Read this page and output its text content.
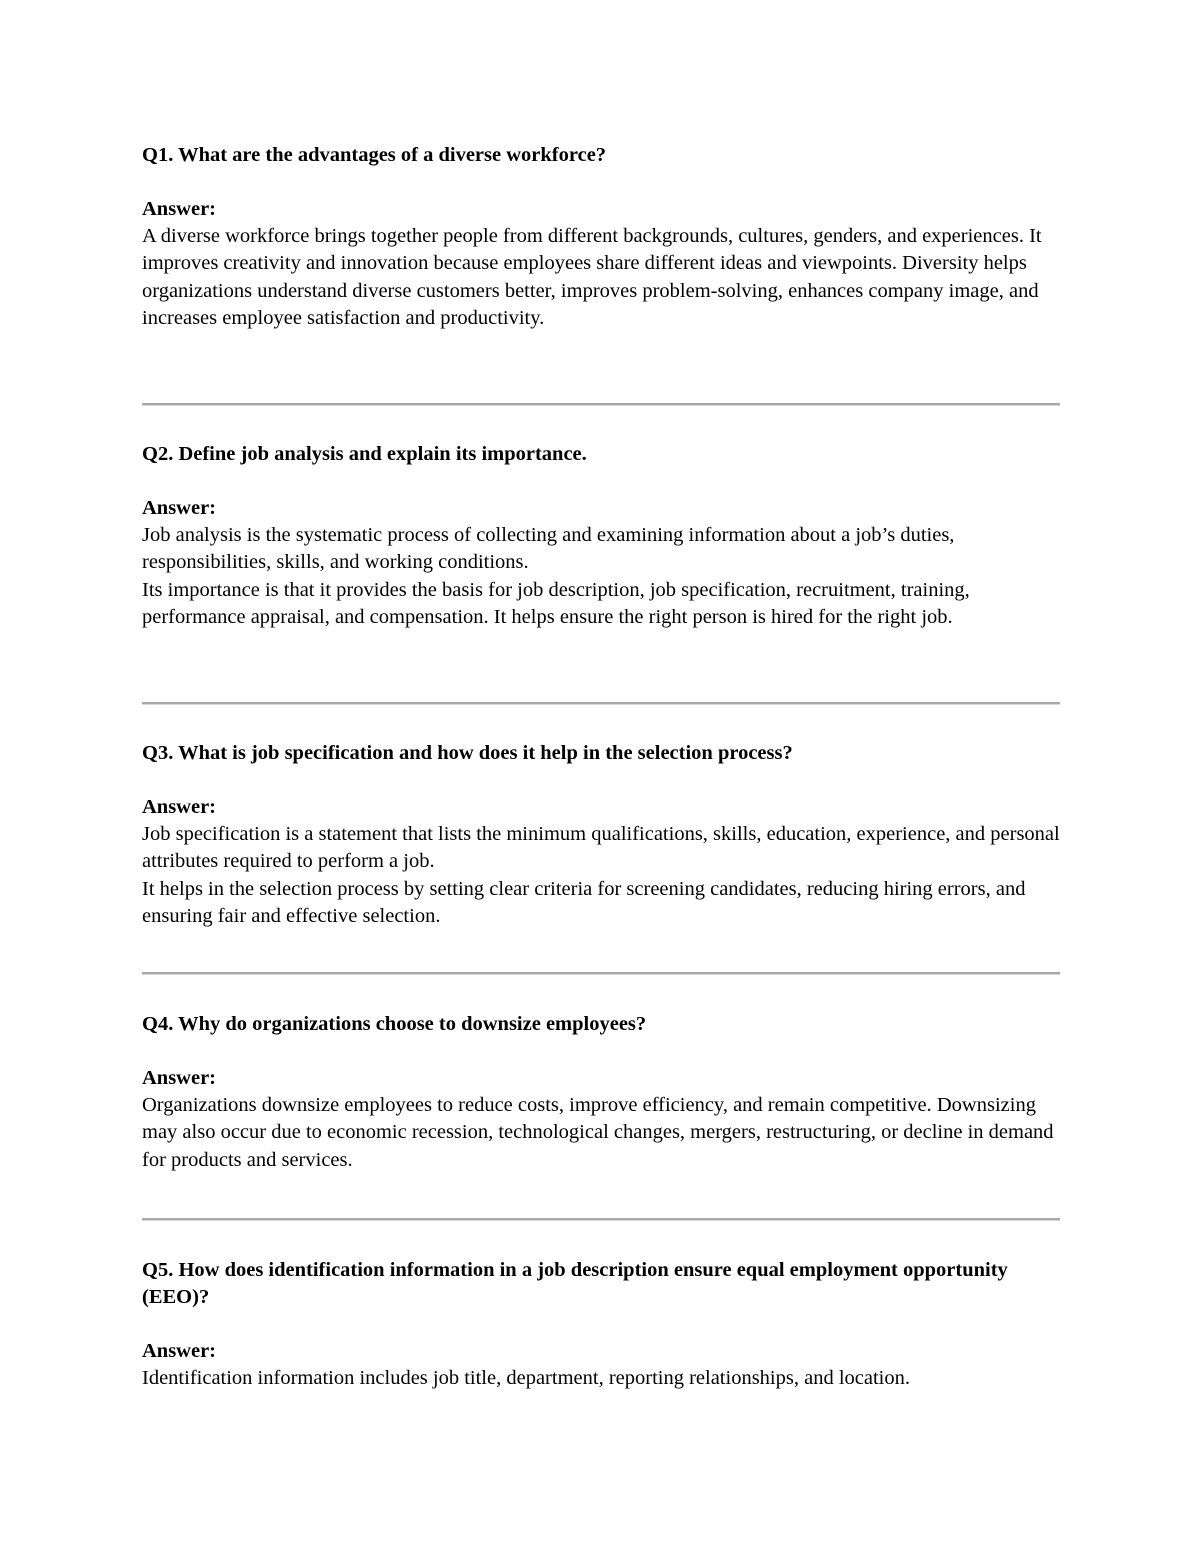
Q1. What are the advantages of a diverse workforce?

Answer:

A diverse workforce brings together people from different backgrounds, cultures, genders, and experiences. It improves creativity and innovation because employees share different ideas and viewpoints. Diversity helps organizations understand diverse customers better, improves problem-solving, enhances company image, and increases employee satisfaction and productivity.

Q2. Define job analysis and explain its importance.

Answer:

Job analysis is the systematic process of collecting and examining information about a job’s duties, responsibilities, skills, and working conditions.

Its importance is that it provides the basis for job description, job specification, recruitment, training, performance appraisal, and compensation. It helps ensure the right person is hired for the right job.

Q3. What is job specification and how does it help in the selection process?

Answer:

Job specification is a statement that lists the minimum qualifications, skills, education, experience, and personal attributes required to perform a job.

It helps in the selection process by setting clear criteria for screening candidates, reducing hiring errors, and ensuring fair and effective selection.

Q4. Why do organizations choose to downsize employees?

Answer:

Organizations downsize employees to reduce costs, improve efficiency, and remain competitive. Downsizing may also occur due to economic recession, technological changes, mergers, restructuring, or decline in demand for products and services.

Q5. How does identification information in a job description ensure equal employment opportunity (EEO)?

Answer:

Identification information includes job title, department, reporting relationships, and location.
